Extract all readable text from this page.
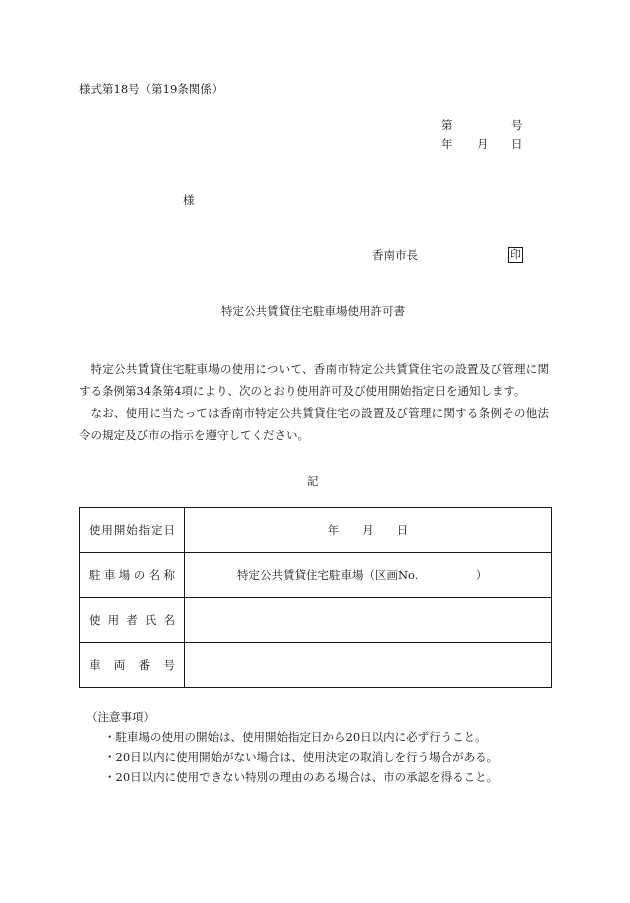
様式第18号（第19条関係）
第	号
年 月 日
様
香南市長	印
特定公共賃貸住宅駐車場使用許可書

特定公共賃貸住宅駐車場の使用について、香南市特定公共賃貸住宅の設置及び管理に関する条例第34条第4項により、次のとおり使用許可及び使用開始指定日を通知します。

なお、使用に当たっては香南市特定公共賃貸住宅の設置及び管理に関する条例その他法令の規定及び市の指示を遵守してください。

記
使用開始指定日	年　　月　　日
駐車場の名称	特定公共賃貸住宅駐車場（区画No.　　　　　）
使用者氏名	
車両番号	
（注意事項）
・駐車場の使用の開始は、使用開始指定日から20日以内に必ず行うこと。
・20日以内に使用開始がない場合は、使用決定の取消しを行う場合がある。
・20日以内に使用できない特別の理由のある場合は、市の承認を得ること。
